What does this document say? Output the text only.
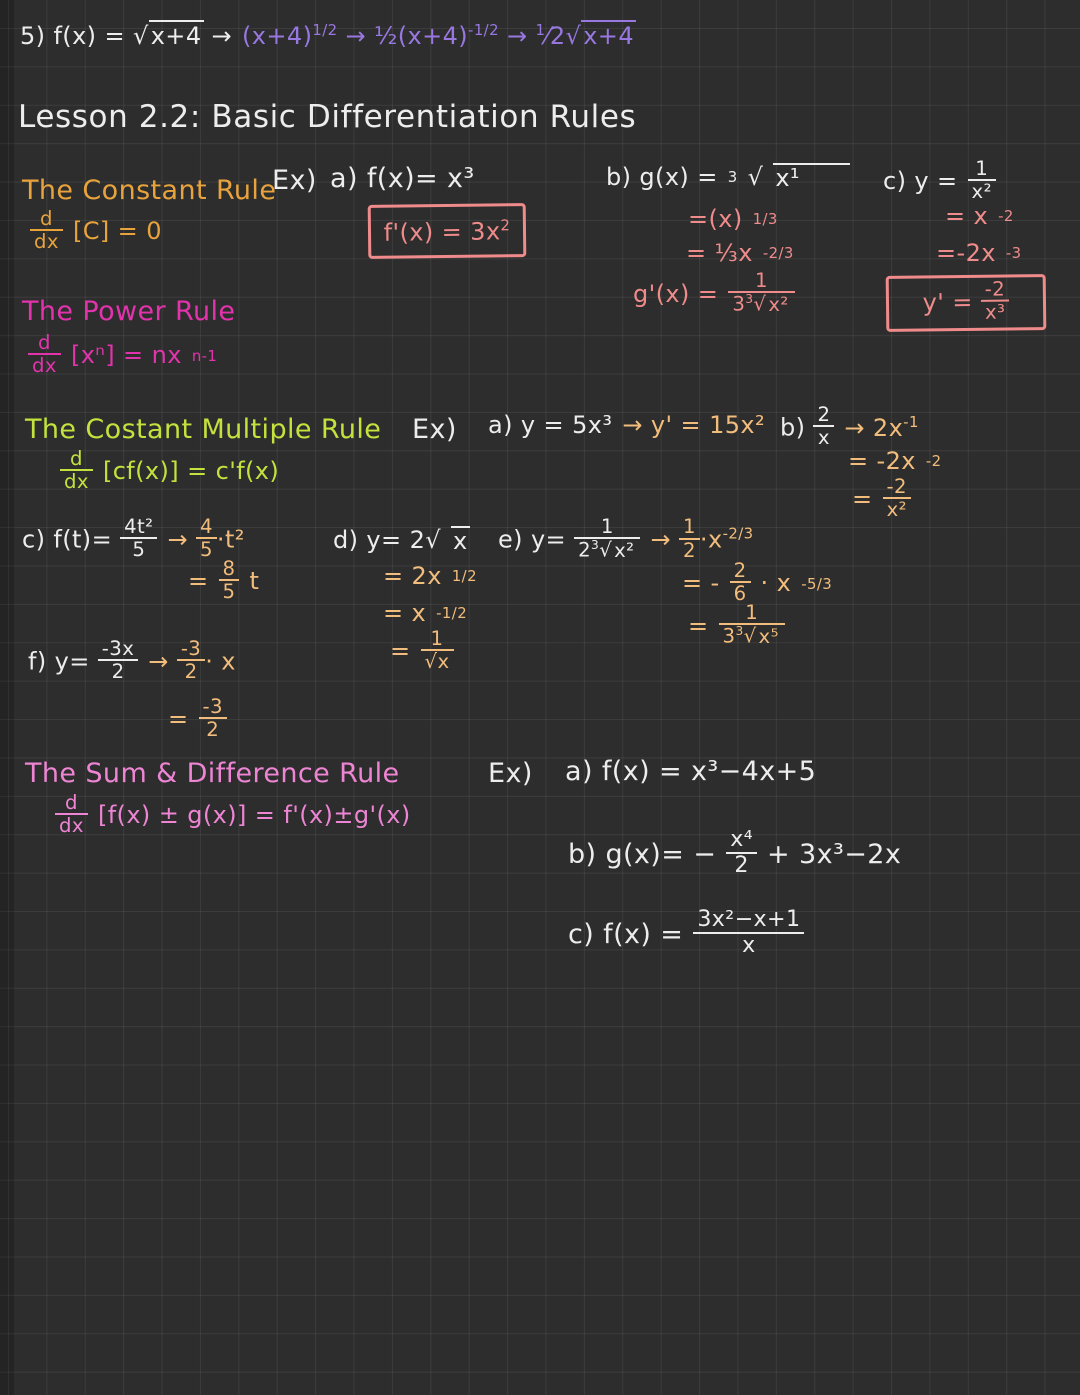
5) $f(x) = √x+4 \to (x+4)^{1/2}$ → $\frac{1}{2}(x+4)^{-1/2}$ → $^1$⁄2√x+4
Lesson 2.2: Basic Differentiation Rules
The Constant Rule
d
dx [C] = 0
Ex) a) f(x)= x³
$f'(x) = 3x^2$
b) g(x) = 3 √ x¹
=(x) 1/3
= ⅓x -2/3
g'(x) =	1
$3^3√$ x²
c) y = 1
x²
= x -2
=-2x -3
$y' = \frac{-2}{\text{x³}}$
The Power Rule
d
dx [xⁿ] = nx n-1
The Costant Multiple Rule
d
dx [cf(x)] = c'f(x)
Ex) a) y = 5x³ → y' = 15x² $b) \frac{2}{x} \to 2x^{-1}$
= -2x -2
= -2
x²
c) $f(t)= \frac{\text{4t²}}{5} \to \frac{4}{5} \cdot t^2$
= 8
5 t
d) y= 2√ x
= 2x 1/2
= x -1/2
=	1
√x
e) $y= \frac{1}{2^3√ x^2} \to \frac{1}{2} \cdot x^{-2/3}$
= - 2
6 · x -5/3
=	1
$3^3√$ x⁵
f) $y= \frac{-3x}{2} \to \frac{-3}{2} \cdot x$
= -3
2
The Sum & Difference Rule
d
dx [f(x) ± g(x)] = f'(x)±g'(x)
Ex) a) f(x) = x³−4x+5
b) g(x)= −
x⁴
2 + 3x³−2x
c) f(x) =
3x²−x+1
x
